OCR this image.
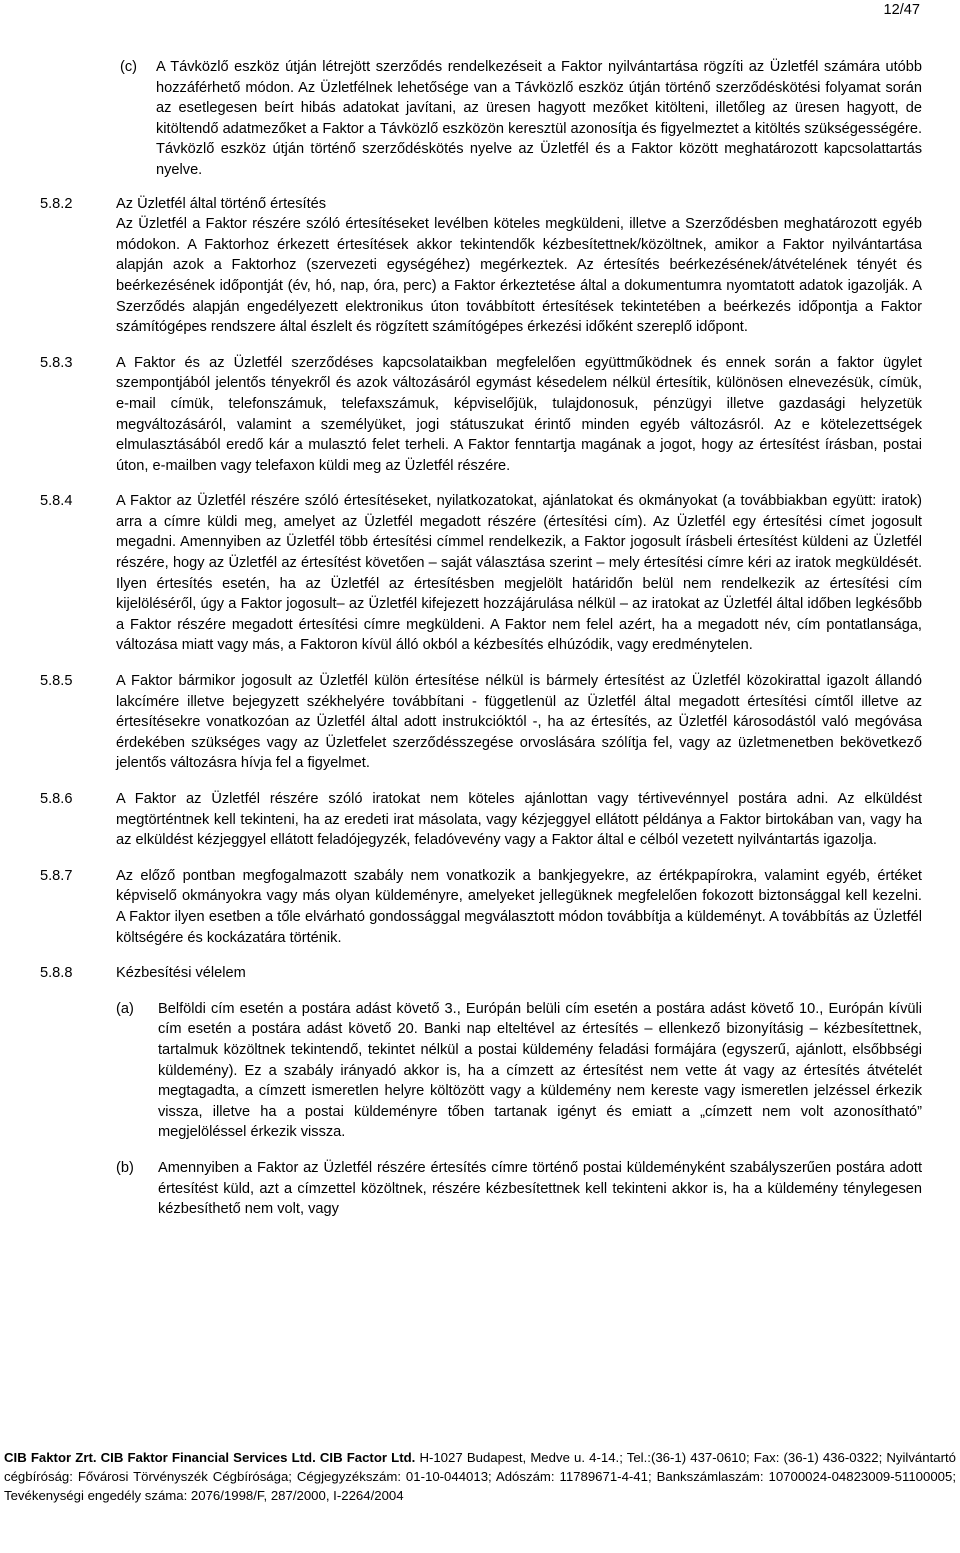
12/47
(c)	A Távközlő eszköz útján létrejött szerződés rendelkezéseit a Faktor nyilvántartása rögzíti az Üzletfél számára utóbb hozzáférhető módon. Az Üzletfélnek lehetősége van a Távközlő eszköz útján történő szerződéskötési folyamat során az esetlegesen beírt hibás adatokat javítani, az üresen hagyott mezőket kitölteni, illetőleg az üresen hagyott, de kitöltendő adatmezőket a Faktor a Távközlő eszközön keresztül azonosítja és figyelmeztet a kitöltés szükségességére. Távközlő eszköz útján történő szerződéskötés nyelve az Üzletfél és a Faktor között meghatározott kapcsolattartás nyelve.
5.8.2	Az Üzletfél által történő értesítés

Az Üzletfél a Faktor részére szóló értesítéseket levélben köteles megküldeni, illetve a Szerződésben meghatározott egyéb módokon. A Faktorhoz érkezett értesítések akkor tekintendők kézbesítettnek/közöltnek, amikor a Faktor nyilvántartása alapján azok a Faktorhoz (szervezeti egységéhez) megérkeztek. Az értesítés beérkezésének/átvételének tényét és beérkezésének időpontját (év, hó, nap, óra, perc) a Faktor érkeztetése által a dokumentumra nyomtatott adatok igazolják. A Szerződés alapján engedélyezett elektronikus úton továbbított értesítések tekintetében a beérkezés időpontja a Faktor számítógépes rendszere által észlelt és rögzített számítógépes érkezési időként szereplő időpont.

5.8.3	A Faktor és az Üzletfél szerződéses kapcsolataikban megfelelően együttműködnek és ennek során a faktor ügylet szempontjából jelentős tényekről és azok változásáról egymást késedelem nélkül értesítik, különösen elnevezésük, címük, e-mail címük, telefonszámuk, telefaxszámuk, képviselőjük, tulajdonosuk, pénzügyi illetve gazdasági helyzetük megváltozásáról, valamint a személyüket, jogi státuszukat érintő minden egyéb változásról. Az e kötelezettségek elmulasztásából eredő kár a mulasztó felet terheli. A Faktor fenntartja magának a jogot, hogy az értesítést írásban, postai úton, e-mailben vagy telefaxon küldi meg az Üzletfél részére.

5.8.4	A Faktor az Üzletfél részére szóló értesítéseket, nyilatkozatokat, ajánlatokat és okmányokat (a továbbiakban együtt: iratok) arra a címre küldi meg, amelyet az Üzletfél megadott részére (értesítési cím). Az Üzletfél egy értesítési címet jogosult megadni. Amennyiben az Üzletfél több értesítési címmel rendelkezik, a Faktor jogosult írásbeli értesítést küldeni az Üzletfél részére, hogy az Üzletfél az értesítést követően – saját választása szerint – mely értesítési címre kéri az iratok megküldését. Ilyen értesítés esetén, ha az Üzletfél az értesítésben megjelölt határidőn belül nem rendelkezik az értesítési cím kijelöléséről, úgy a Faktor jogosult– az Üzletfél kifejezett hozzájárulása nélkül – az iratokat az Üzletfél által időben legkésőbb a Faktor részére megadott értesítési címre megküldeni. A Faktor nem felel azért, ha a megadott név, cím pontatlansága, változása miatt vagy más, a Faktoron kívül álló okból a kézbesítés elhúzódik, vagy eredménytelen.

5.8.5	A Faktor bármikor jogosult az Üzletfél külön értesítése nélkül is bármely értesítést az Üzletfél közokirattal igazolt állandó lakcímére illetve bejegyzett székhelyére továbbítani - függetlenül az Üzletfél által megadott értesítési címtől illetve az értesítésekre vonatkozóan az Üzletfél által adott instrukcióktól -, ha az értesítés, az Üzletfél károsodástól való megóvása érdekében szükséges vagy az Üzletfelet szerződésszegése orvoslására szólítja fel, vagy az üzletmenetben bekövetkező jelentős változásra hívja fel a figyelmet.

5.8.6	A Faktor az Üzletfél részére szóló iratokat nem köteles ajánlottan vagy tértivevénnyel postára adni. Az elküldést megtörténtnek kell tekinteni, ha az eredeti irat másolata, vagy kézjeggyel ellátott példánya a Faktor birtokában van, vagy ha az elküldést kézjeggyel ellátott feladójegyzék, feladóvevény vagy a Faktor által e célból vezetett nyilvántartás igazolja.

5.8.7	Az előző pontban megfogalmazott szabály nem vonatkozik a bankjegyekre, az értékpapírokra, valamint egyéb, értéket képviselő okmányokra vagy más olyan küldeményre, amelyeket jellegüknek megfelelően fokozott biztonsággal kell kezelni. A Faktor ilyen esetben a tőle elvárható gondossággal megválasztott módon továbbítja a küldeményt. A továbbítás az Üzletfél költségére és kockázatára történik.

5.8.8	Kézbesítési vélelem

(a)	Belföldi cím esetén a postára adást követő 3., Európán belüli cím esetén a postára adást követő 10., Európán kívüli cím esetén a postára adást követő 20. Banki nap elteltével az értesítés – ellenkező bizonyításig – kézbesítettnek, tartalmuk közöltnek tekintendő, tekintet nélkül a postai küldemény feladási formájára (egyszerű, ajánlott, elsőbbségi küldemény). Ez a szabály irányadó akkor is, ha a címzett az értesítést nem vette át vagy az értesítés átvételét megtagadta, a címzett ismeretlen helyre költözött vagy a küldemény nem kereste vagy ismeretlen jelzéssel érkezik vissza, illetve ha a postai küldeményre tőben tartanak igényt és emiatt a „címzett nem volt azonosítható” megjelöléssel érkezik vissza.
(b)	Amennyiben a Faktor az Üzletfél részére értesítés címre történő postai küldeményként szabályszerűen postára adott értesítést küld, azt a címzettel közöltnek, részére kézbesítettnek kell tekinteni akkor is, ha a küldemény ténylegesen kézbesíthető nem volt, vagy
CIB Faktor Zrt. CIB Faktor Financial Services Ltd. CIB Factor Ltd. H-1027 Budapest, Medve u. 4-14.; Tel.:(36-1) 437-0610; Fax: (36-1) 436-0322; Nyilvántartó cégbíróság: Fővárosi Törvényszék Cégbírósága; Cégjegyzékszám: 01-10-044013; Adószám: 11789671-4-41; Bankszámlaszám: 10700024-04823009-51100005; Tevékenységi engedély száma: 2076/1998/F, 287/2000, I-2264/2004
